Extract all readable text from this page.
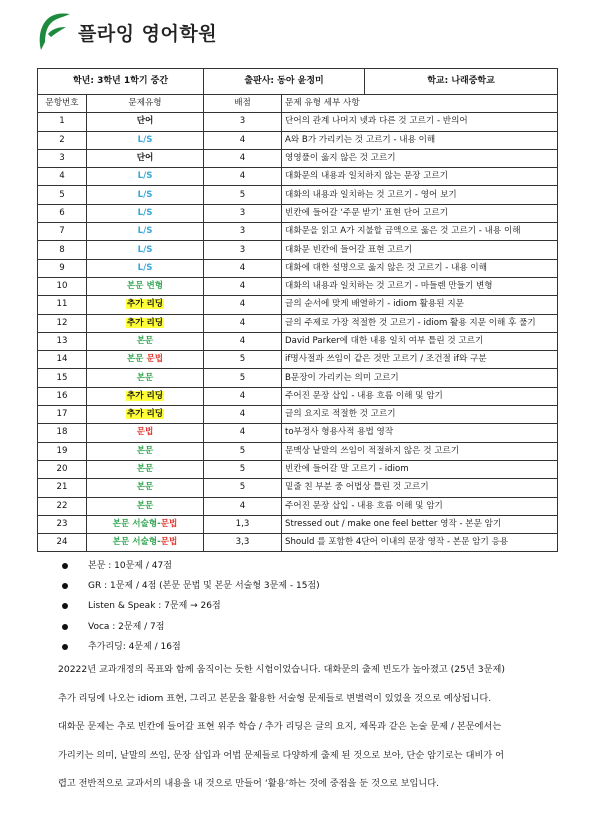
플라잉 영어학원
학년: 3학년 1학기 중간		출판사: 동아 윤정미		학교: 나래중학교
문항번호	문제유형	배점	문제 유형 세부 사항	
1	단어	3	단어의 관계 나머지 넷과 다른 것 고르기 - 반의어	
2	L/S	4	A와 B가 가리키는 것 고르기 - 내용 이해	
3	단어	4	영영풀이 옳지 않은 것 고르기	
4	L/S	4	대화문의 내용과 일치하지 않는 문장 고르기	
5	L/S	5	대화의 내용과 일치하는 것 고르기 - 영어 보기	
6	L/S	3	빈칸에 들어갈 ‘주문 받기’ 표현 단어 고르기	
7	L/S	3	대화문을 읽고 A가 지불할 금액으로 옳은 것 고르기 - 내용 이해	
8	L/S	3	대화문 빈칸에 들어갈 표현 고르기	
9	L/S	4	대화에 대한 설명으로 옳지 않은 것 고르기 - 내용 이해	
10	본문 변형	4	대화의 내용과 일치하는 것 고르기 - 마들렌 만들기 변형	
11	추가 리딩	4	글의 순서에 맞게 배열하기 - idiom 활용된 지문	
12	추가 리딩	4	글의 주제로 가장 적절한 것 고르기 - idiom 활용 지문 이해 후 풀기	
13	본문	4	David Parker에 대한 내용 일치 여부 틀린 것 고르기	
14	본문 문법	5	if명사절과 쓰임이 같은 것만 고르기 / 조건절 if와 구분	
15	본문	5	B문장이 가리키는 의미 고르기	
16	추가 리딩	4	주어진 문장 삽입 - 내용 흐름 이해 및 암기	
17	추가 리딩	4	글의 요지로 적절한 것 고르기	
18	문법	4	to부정사 형용사적 용법 영작	
19	본문	5	문맥상 낱말의 쓰임이 적절하지 않은 것 고르기	
20	본문	5	빈칸에 들어갈 말 고르기 - idiom	
21	본문	5	밑줄 친 부분 중 어법상 틀린 것 고르기	
22	본문	4	주어진 문장 삽입 - 내용 흐름 이해 및 암기	
23	본문 서술형-문법	1,3	Stressed out / make one feel better 영작 - 본문 암기	
24	본문 서술형-문법	3,3	Should 를 포함한 4단어 이내의 문장 영작 - 본문 암기 응용	
본문 : 10문제 / 47점
GR : 1문제 / 4점 (본문 문법 및 본문 서술형 3문제 - 15점)
Listen & Speak : 7문제 → 26점
Voca : 2문제 / 7점
추가리딩: 4문제 / 16점
20222년 교과개정의 목표와 함께 움직이는 듯한 시험이었습니다. 대화문의 출제 빈도가 높아졌고 (25년 3문제)
추가 리딩에 나오는 idiom 표현, 그리고 본문을 활용한 서술형 문제들로 변별력이 있었을 것으로 예상됩니다.
대화문 문제는 추로 빈칸에 들어갈 표현 위주 학습 / 추가 리딩은 글의 요지, 제목과 같은 논술 문제 / 본문에서는
가리키는 의미, 낱말의 쓰임, 문장 삽입과 어법 문제들로 다양하게 출제 된 것으로 보아, 단순 암기로는 대비가 어
렵고 전반적으로 교과서의 내용을 내 것으로 만들어 ‘활용’하는 것에 중점을 둔 것으로 보입니다.
